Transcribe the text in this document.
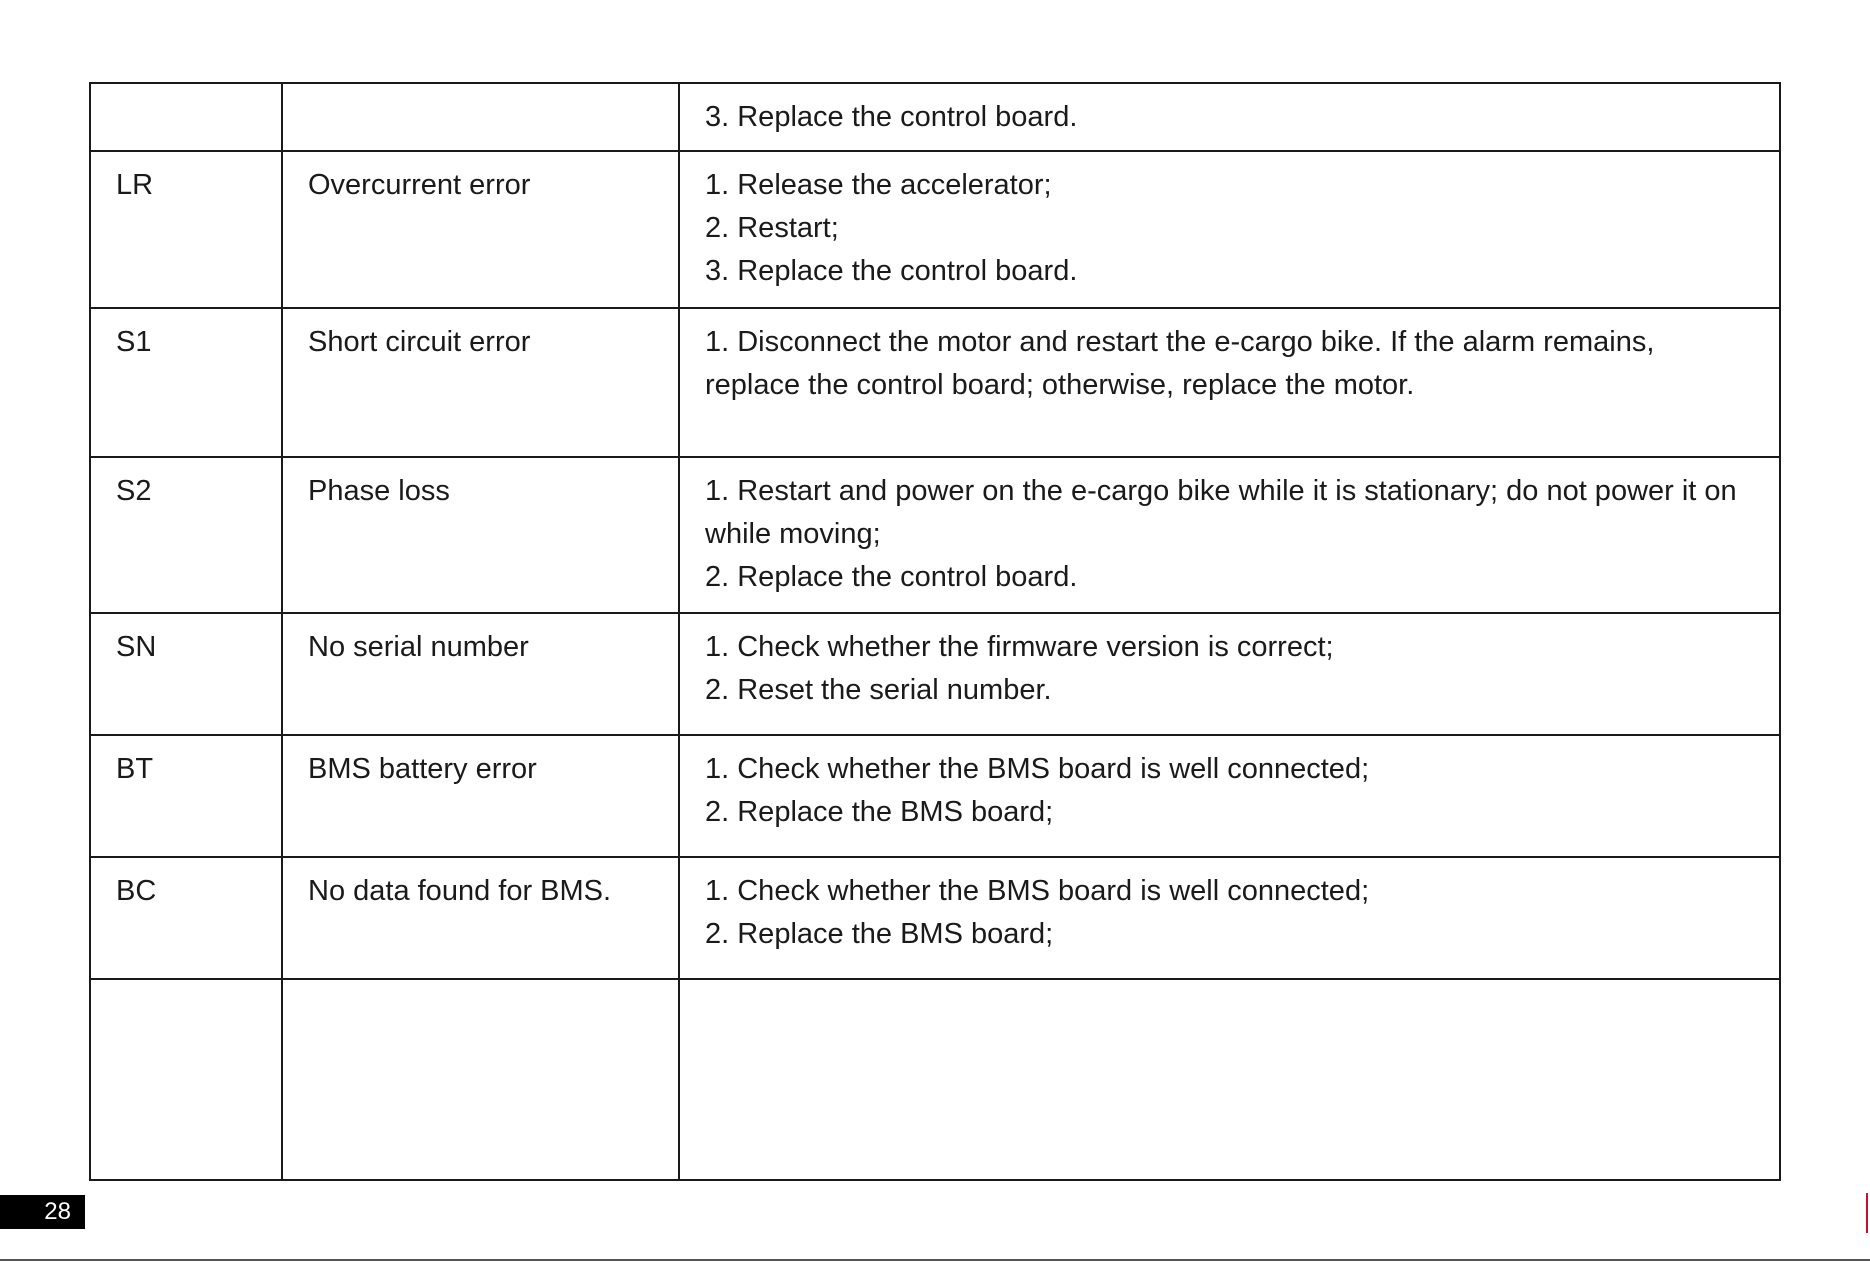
		3. Replace the control board.

LR	Overcurrent error	1. Release the accelerator;
2. Restart;
3. Replace the control board.

S1	Short circuit error	1. Disconnect the motor and restart the e-cargo bike. If the alarm remains, replace the control board; otherwise, replace the motor.

S2	Phase loss	1. Restart and power on the e-cargo bike while it is stationary; do not power it on while moving;
2. Replace the control board.

SN	No serial number	1. Check whether the firmware version is correct;
2. Reset the serial number.

BT	BMS battery error	1. Check whether the BMS board is well connected;
2. Replace the BMS board;

BC	No data found for BMS.	1. Check whether the BMS board is well connected;
2. Replace the BMS board;

28
